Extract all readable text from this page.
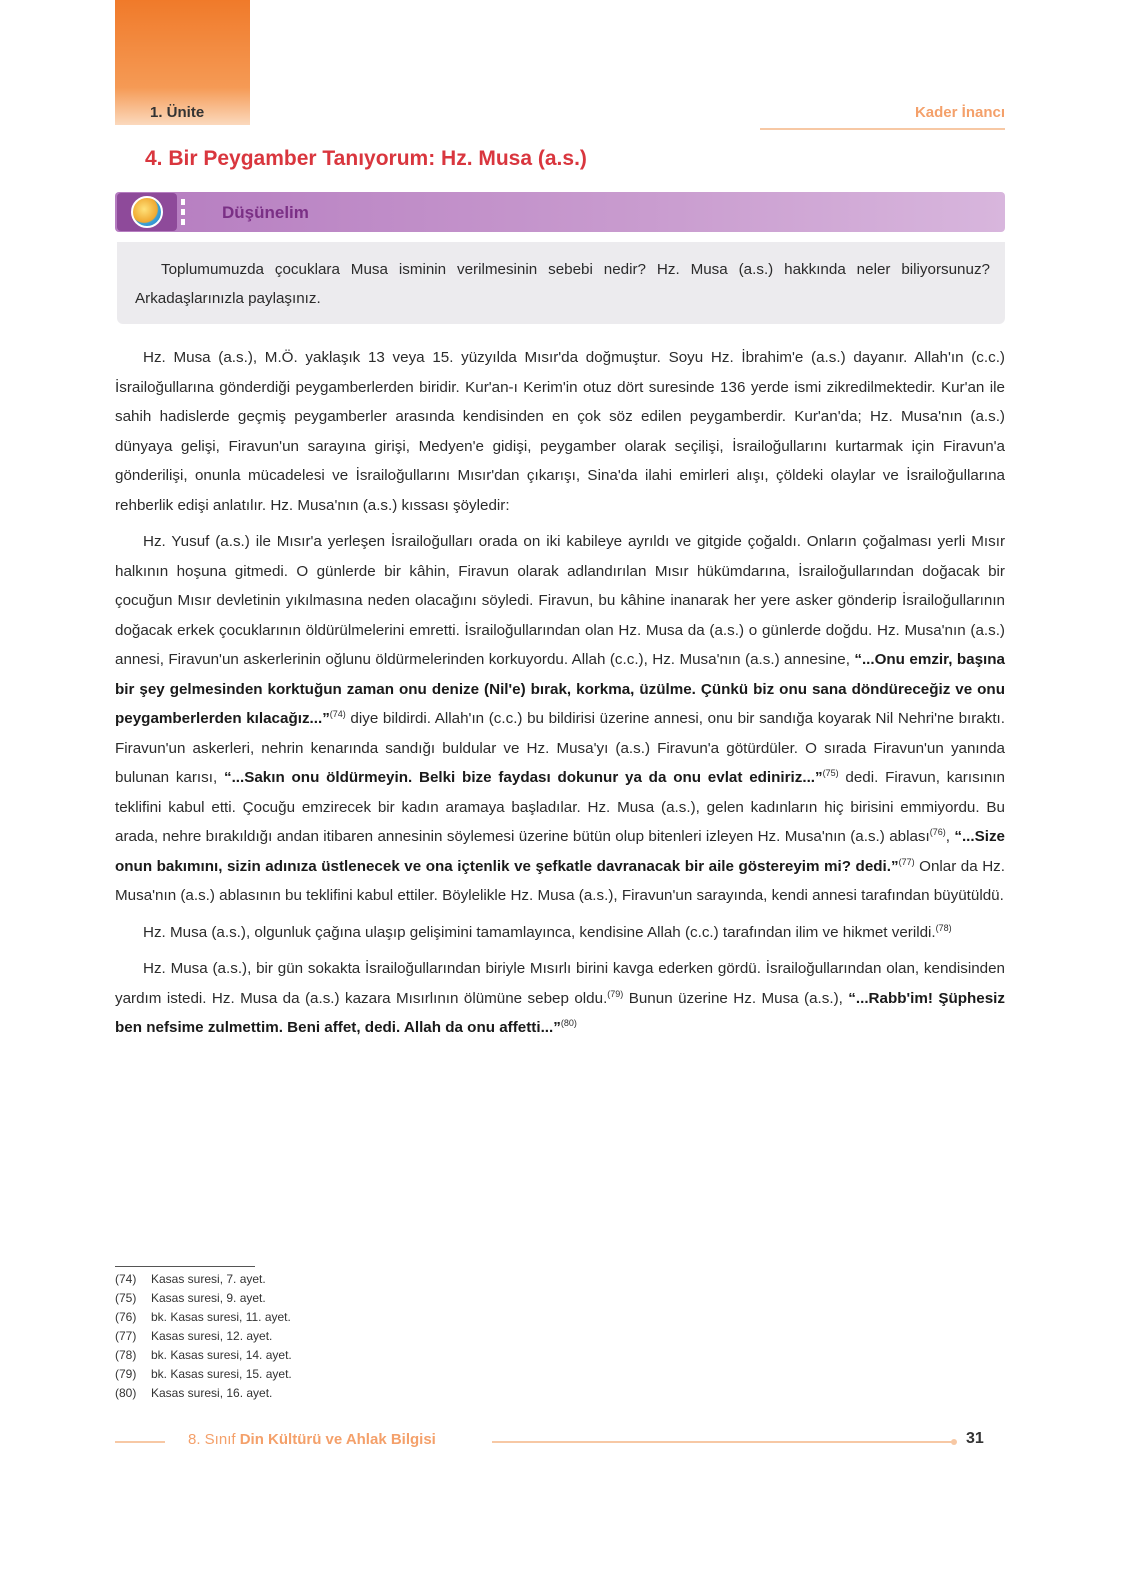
1. Ünite	Kader İnancı
4. Bir Peygamber Tanıyorum: Hz. Musa (a.s.)
Düşünelim

Toplumumuzda çocuklara Musa isminin verilmesinin sebebi nedir? Hz. Musa (a.s.) hakkında neler biliyorsunuz? Arkadaşlarınızla paylaşınız.

Hz. Musa (a.s.), M.Ö. yaklaşık 13 veya 15. yüzyılda Mısır'da doğmuştur. Soyu Hz. İbrahim'e (a.s.) dayanır. Allah'ın (c.c.) İsrailoğullarına gönderdiği peygamberlerden biridir. Kur'an-ı Kerim'in otuz dört suresinde 136 yerde ismi zikredilmektedir. Kur'an ile sahih hadislerde geçmiş peygamberler arasında kendisinden en çok söz edilen peygamberdir. Kur'an'da; Hz. Musa'nın (a.s.) dünyaya gelişi, Firavun'un sarayına girişi, Medyen'e gidişi, peygamber olarak seçilişi, İsrailoğullarını kurtarmak için Firavun'a gönderilişi, onunla mücadelesi ve İsrailoğullarını Mısır'dan çıkarışı, Sina'da ilahi emirleri alışı, çöldeki olaylar ve İsrailoğullarına rehberlik edişi anlatılır. Hz. Musa'nın (a.s.) kıssası şöyledir:

Hz. Yusuf (a.s.) ile Mısır'a yerleşen İsrailoğulları orada on iki kabileye ayrıldı ve gitgide çoğaldı. Onların çoğalması yerli Mısır halkının hoşuna gitmedi. O günlerde bir kâhin, Firavun olarak adlandırılan Mısır hükümdarına, İsrailoğullarından doğacak bir çocuğun Mısır devletinin yıkılmasına neden olacağını söyledi. Firavun, bu kâhine inanarak her yere asker gönderip İsrailoğullarının doğacak erkek çocuklarının öldürülmelerini emretti. İsrailoğullarından olan Hz. Musa da (a.s.) o günlerde doğdu. Hz. Musa'nın (a.s.) annesi, Firavun'un askerlerinin oğlunu öldürmelerinden korkuyordu. Allah (c.c.), Hz. Musa'nın (a.s.) annesine, “...Onu emzir, başına bir şey gelmesinden korktuğun zaman onu denize (Nil'e) bırak, korkma, üzülme. Çünkü biz onu sana döndüreceğiz ve onu peygamberlerden kılacağız...”$^{(74)}$ diye bildirdi. Allah'ın (c.c.) bu bildirisi üzerine annesi, onu bir sandığa koyarak Nil Nehri'ne bıraktı. Firavun'un askerleri, nehrin kenarında sandığı buldular ve Hz. Musa'yı (a.s.) Firavun'a götürdüler. O sırada Firavun'un yanında bulunan karısı, “...Sakın onu öldürmeyin. Belki bize faydası dokunur ya da onu evlat ediniriz...”$^{(75)}$ dedi. Firavun, karısının teklifini kabul etti. Çocuğu emzirecek bir kadın aramaya başladılar. Hz. Musa (a.s.), gelen kadınların hiç birisini emmiyordu. Bu arada, nehre bırakıldığı andan itibaren annesinin söylemesi üzerine bütün olup bitenleri izleyen Hz. Musa'nın (a.s.) ablası$^{(76)}$, “...Size onun bakımını, sizin adınıza üstlenecek ve ona içtenlik ve şefkatle davranacak bir aile göstereyim mi? dedi.”$^{(77)}$ Onlar da Hz. Musa'nın (a.s.) ablasının bu teklifini kabul ettiler. Böylelikle Hz. Musa (a.s.), Firavun'un sarayında, kendi annesi tarafından büyütüldü.

Hz. Musa (a.s.), olgunluk çağına ulaşıp gelişimini tamamlayınca, kendisine Allah (c.c.) tarafından ilim ve hikmet verildi.$^{(78)}$

Hz. Musa (a.s.), bir gün sokakta İsrailoğullarından biriyle Mısırlı birini kavga ederken gördü. İsrailoğullarından olan, kendisinden yardım istedi. Hz. Musa da (a.s.) kazara Mısırlının ölümüne sebep oldu.$^{(79)}$ Bunun üzerine Hz. Musa (a.s.), “...Rabb'im! Şüphesiz ben nefsime zulmettim. Beni affet, dedi. Allah da onu affetti...”$^{(80)}$

(74) Kasas suresi, 7. ayet.
(75) Kasas suresi, 9. ayet.
(76) bk. Kasas suresi, 11. ayet.
(77) Kasas suresi, 12. ayet.
(78) bk. Kasas suresi, 14. ayet.
(79) bk. Kasas suresi, 15. ayet.
(80) Kasas suresi, 16. ayet.
8. Sınıf Din Kültürü ve Ahlak Bilgisi	31
